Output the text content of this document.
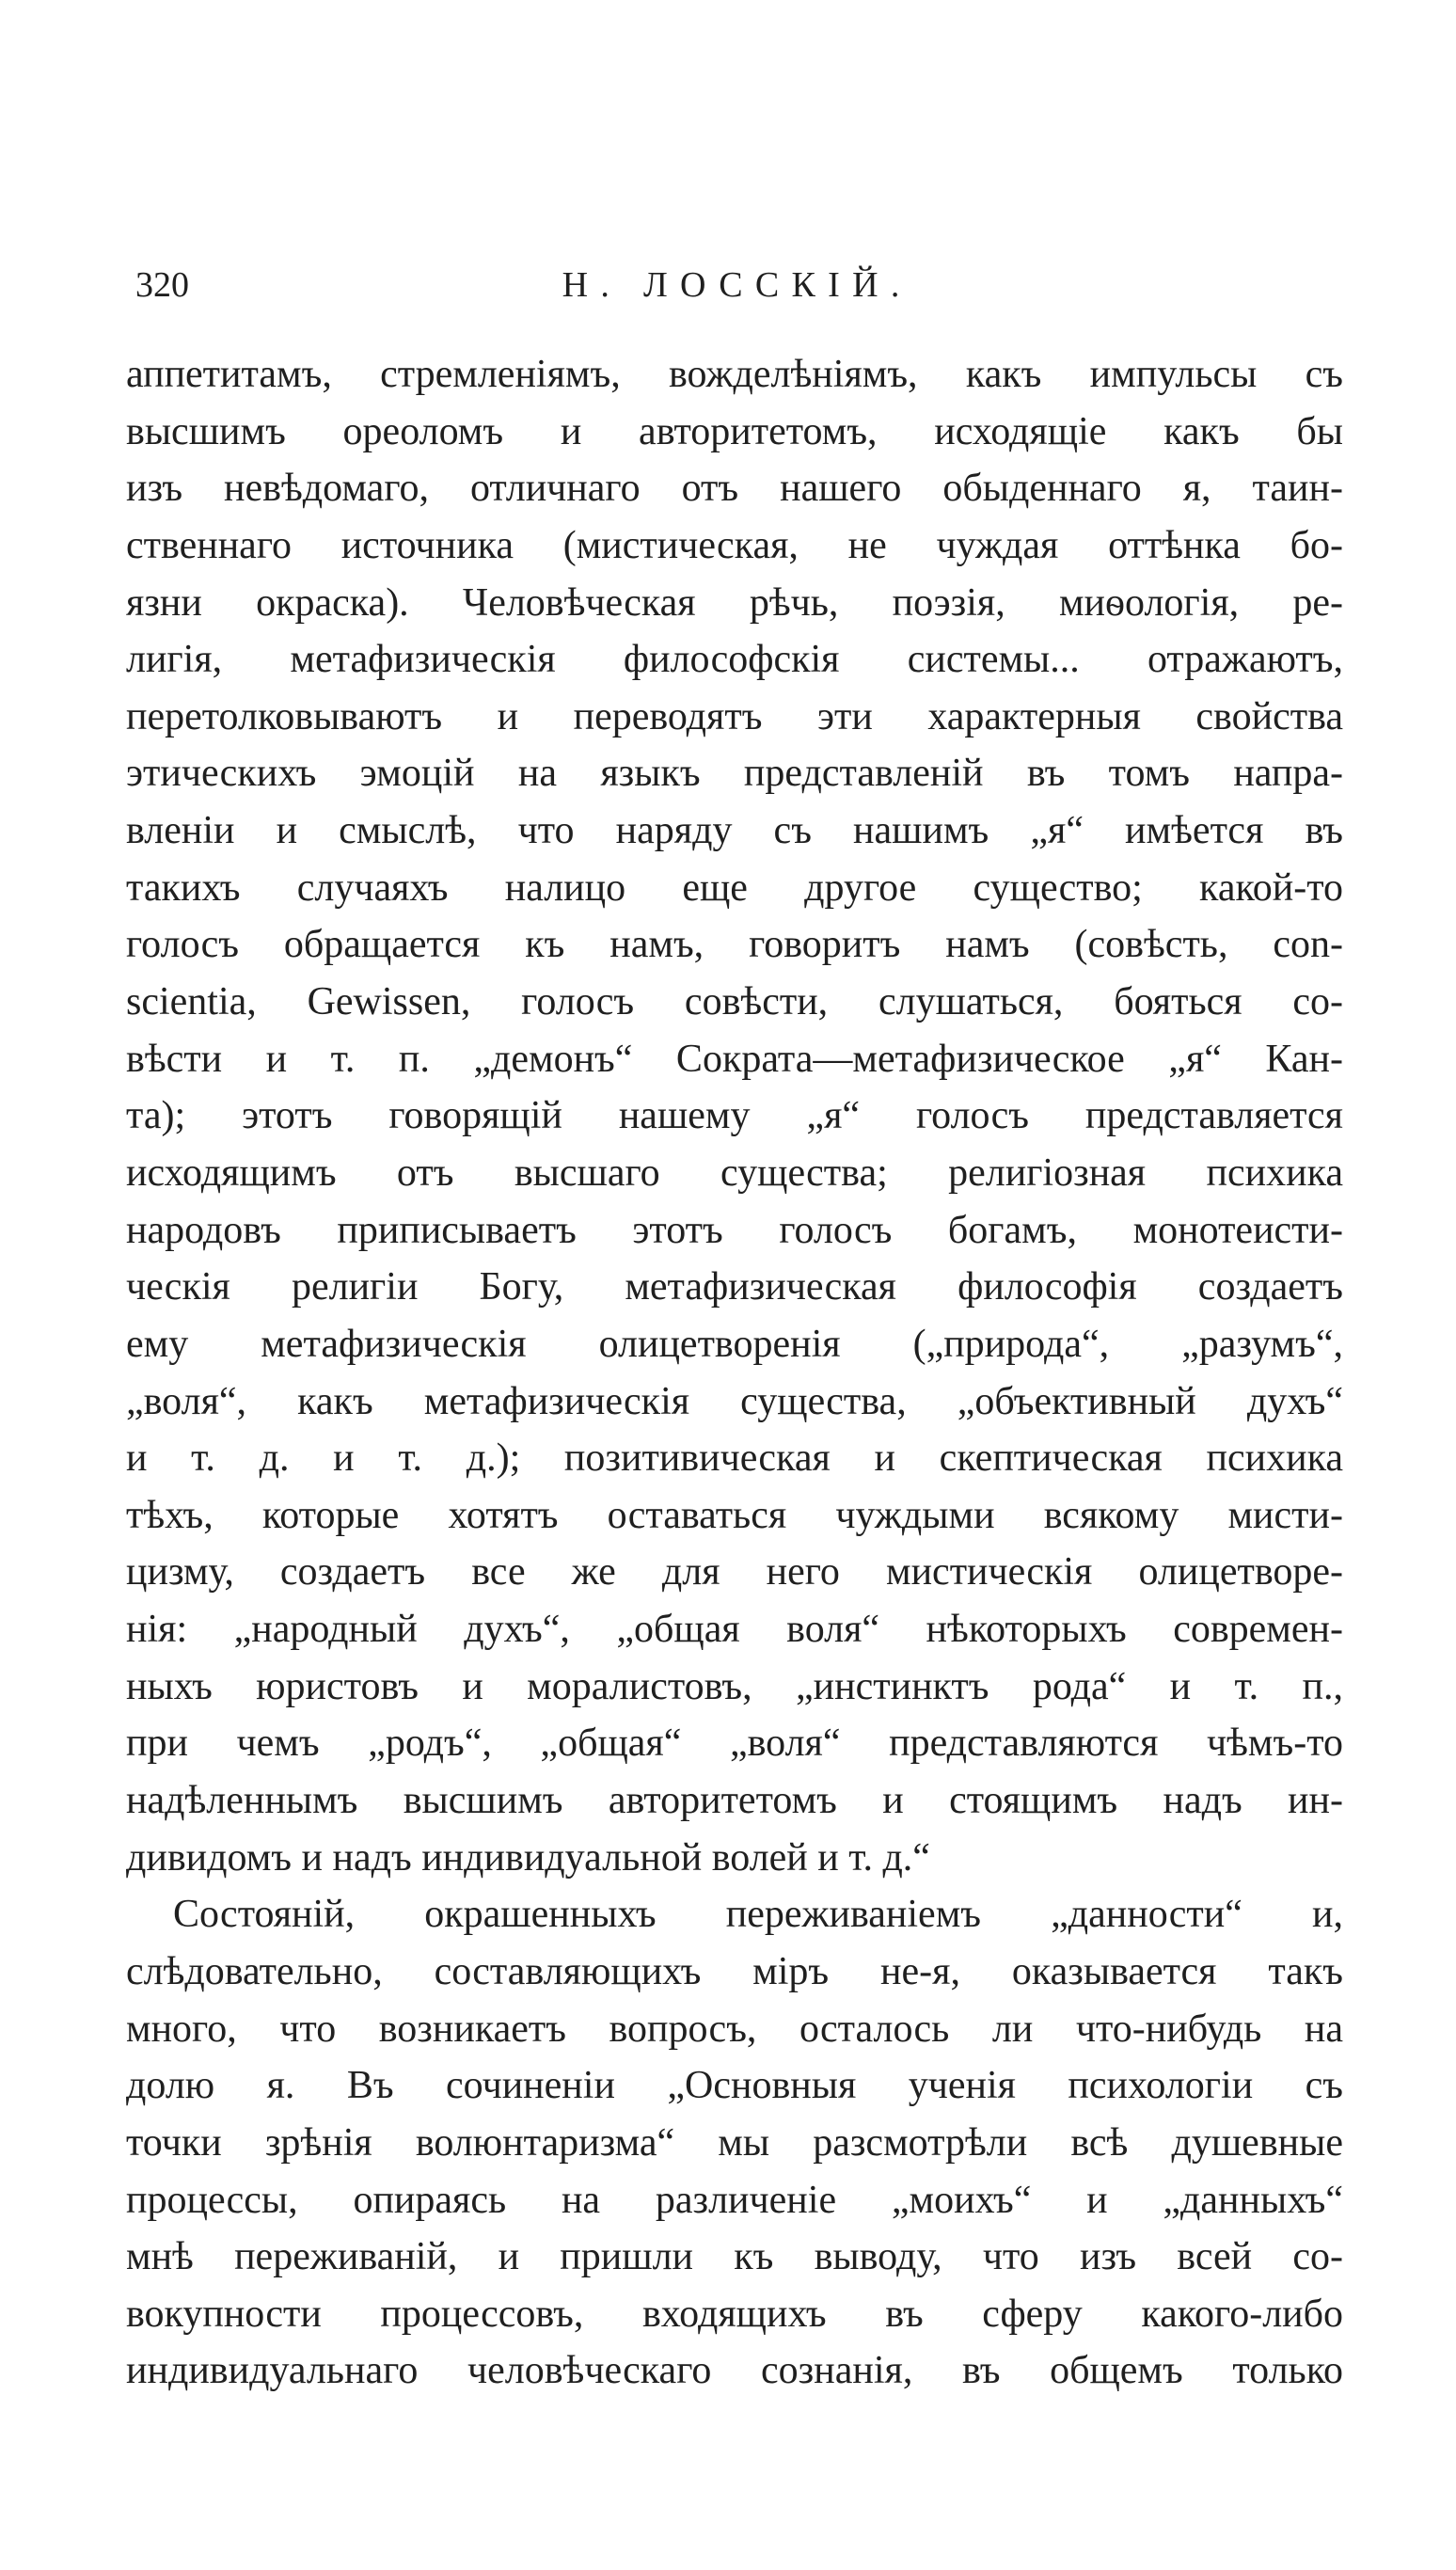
320	Н. ЛОССКІЙ.
аппетитамъ, стремленіямъ, вожделѣніямъ, какъ импульсы съ
высшимъ ореоломъ и авторитетомъ, исходящіе какъ бы
изъ невѣдомаго, отличнаго отъ нашего обыденнаго я, таин-
ственнаго источника (мистическая, не чуждая оттѣнка бо-
язни окраска). Человѣческая рѣчь, поэзія, миѳологія, ре-
лигія, метафизическія философскія системы... отражаютъ,
перетолковываютъ и переводятъ эти характерныя свойства
этическихъ эмоцій на языкъ представленій въ томъ напра-
вленіи и смыслѣ, что наряду съ нашимъ „я“ имѣется въ
такихъ случаяхъ налицо еще другое существо; какой-то
голосъ обращается къ намъ, говоритъ намъ (совѣсть, con-
scientia, Gewissen, голосъ совѣсти, слушаться, бояться со-
вѣсти и т. п. „демонъ“ Сократа—метафизическое „я“ Кан-
та); этотъ говорящій нашему „я“ голосъ представляется
исходящимъ отъ высшаго существа; религіозная психика
народовъ приписываетъ этотъ голосъ богамъ, монотеисти-
ческія религіи Богу, метафизическая философія создаетъ
ему метафизическія олицетворенія („природа“, „разумъ“,
„воля“, какъ метафизическія существа, „объективный духъ“
и т. д. и т. д.); позитивическая и скептическая психика
тѣхъ, которые хотятъ оставаться чуждыми всякому мисти-
цизму, создаетъ все же для него мистическія олицетворе-
нія: „народный духъ“, „общая воля“ нѣкоторыхъ современ-
ныхъ юристовъ и моралистовъ, „инстинктъ рода“ и т. п.,
при чемъ „родъ“, „общая“ „воля“ представляются чѣмъ-то
надѣленнымъ высшимъ авторитетомъ и стоящимъ надъ ин-
дивидомъ и надъ индивидуальной волей и т. д.“
Состояній, окрашенныхъ переживаніемъ „данности“ и,
слѣдовательно, составляющихъ міръ не-я, оказывается такъ
много, что возникаетъ вопросъ, осталось ли что-нибудь на
долю я. Въ сочиненіи „Основныя ученія психологіи съ
точки зрѣнія волюнтаризма“ мы разсмотрѣли всѣ душевные
процессы, опираясь на различеніе „моихъ“ и „данныхъ“
мнѣ переживаній, и пришли къ выводу, что изъ всей со-
вокупности процессовъ, входящихъ въ сферу какого-либо
индивидуальнаго человѣческаго сознанія, въ общемъ только
